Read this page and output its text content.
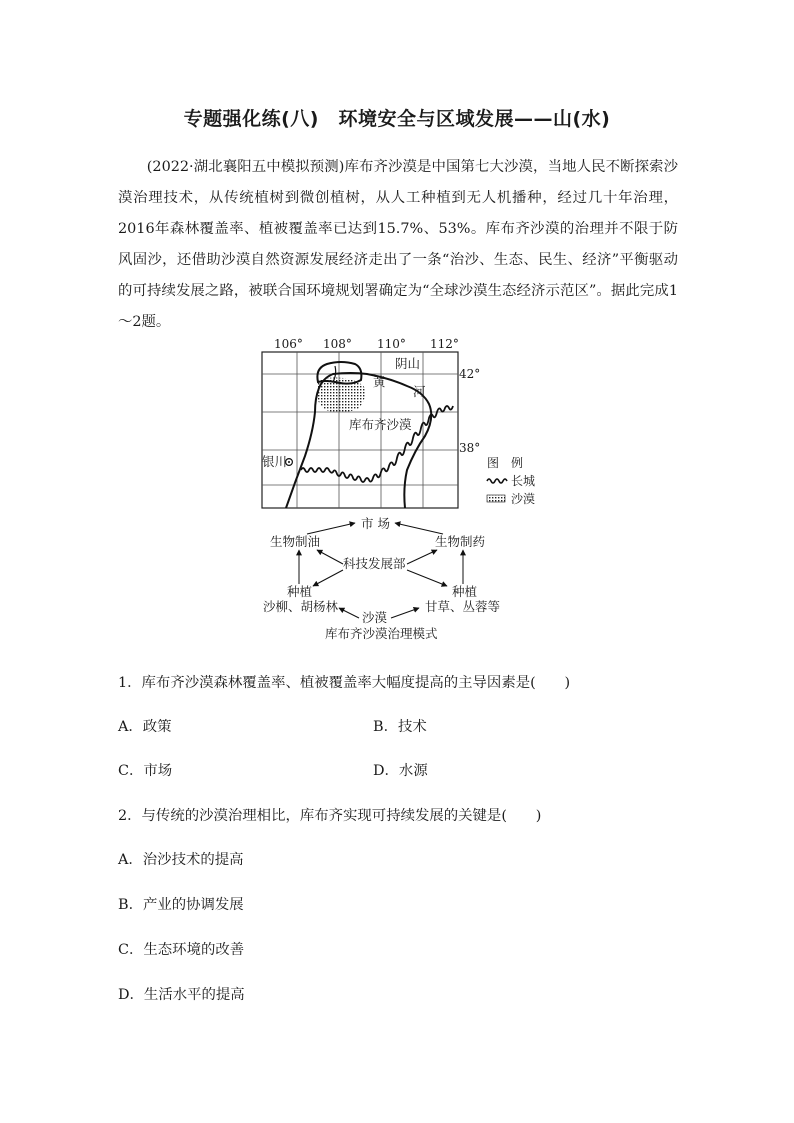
专题强化练(八)　环境安全与区域发展——山(水)

(2022·湖北襄阳五中模拟预测)库布齐沙漠是中国第七大沙漠，当地人民不断探索沙漠治理技术，从传统植树到微创植树，从人工种植到无人机播种，经过几十年治理，2016年森林覆盖率、植被覆盖率已达到15.7%、53%。库布齐沙漠的治理并不限于防风固沙，还借助沙漠自然资源发展经济走出了一条“治沙、生态、民生、经济”平衡驱动的可持续发展之路，被联合国环境规划署确定为“全球沙漠生态经济示范区”。据此完成1～2题。

106° 108° 110° 112°
42°
38°
阴山
黄
河
库布齐沙漠
银川	图　例
长城
沙漠
市 场
生物制油	生物制药
科技发展部
种植
沙柳、胡杨林
种植
甘草、丛蓉等
沙漠
库布齐沙漠治理模式
1．库布齐沙漠森林覆盖率、植被覆盖率大幅度提高的主导因素是(　　)
A．政策	B．技术
C．市场	D．水源
2．与传统的沙漠治理相比，库布齐实现可持续发展的关键是(　　)
A．治沙技术的提高
B．产业的协调发展
C．生态环境的改善
D．生活水平的提高
